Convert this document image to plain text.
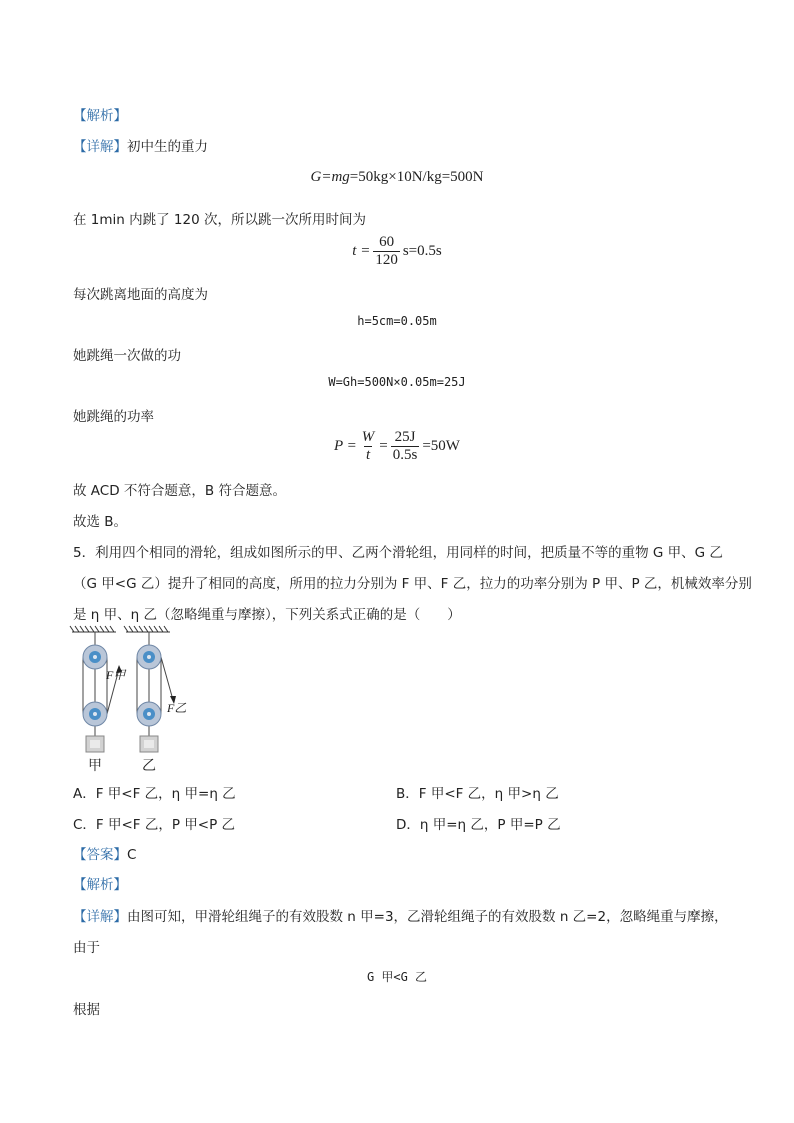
【解析】
【详解】初中生的重力
G=mg=50kg×10N/kg=500N
在 1min 内跳了 120 次，所以跳一次所用时间为
$t = \frac{60}{120} s=0.5s$
每次跳离地面的高度为
h=5cm=0.05m
她跳绳一次做的功
W=Gh=500N×0.05m=25J
她跳绳的功率
$P = \frac{W}{t} = \frac{25J}{0.5s} =50W$
故 ACD 不符合题意，B 符合题意。
故选 B。
5．利用四个相同的滑轮，组成如图所示的甲、乙两个滑轮组，用同样的时间，把质量不等的重物 G 甲、G 乙
（G 甲<G 乙）提升了相同的高度，所用的拉力分别为 F 甲、F 乙，拉力的功率分别为 P 甲、P 乙，机械效率分别
是 η 甲、η 乙（忽略绳重与摩擦），下列关系式正确的是（　　）
F甲
F乙
甲	乙
A．F 甲<F 乙，η 甲=η 乙	B．F 甲<F 乙，η 甲>η 乙
C．F 甲<F 乙，P 甲<P 乙	D．η 甲=η 乙，P 甲=P 乙
【答案】C
【解析】
【详解】由图可知，甲滑轮组绳子的有效股数 n 甲=3，乙滑轮组绳子的有效股数 n 乙=2，忽略绳重与摩擦，
由于
G 甲<G 乙
根据
